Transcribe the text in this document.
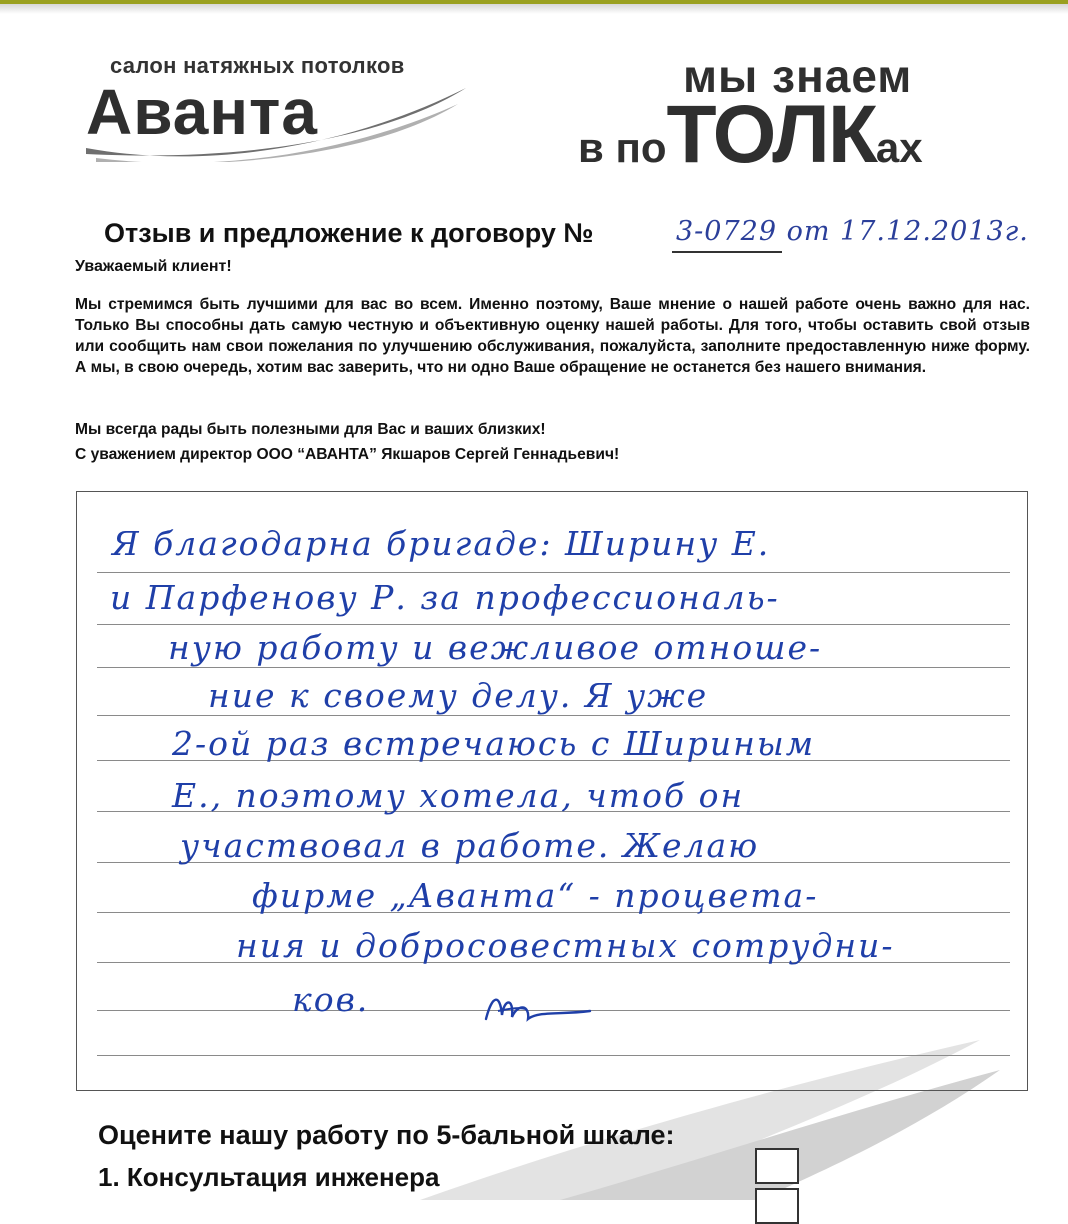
салон натяжных потолков
Аванта	мы знаем
в поТОЛКах
Отзыв и предложение к договору №	3-0729 от 17.12.2013г.
Уважаемый клиент!
Мы стремимся быть лучшими для вас во всем. Именно поэтому, Ваше мнение о нашей работе очень важно для нас. Только Вы способны дать самую честную и объективную оценку нашей работы. Для того, чтобы оставить свой отзыв или сообщить нам свои пожелания по улучшению обслуживания, пожалуйста, заполните предоставленную ниже форму. А мы, в свою очередь, хотим вас заверить, что ни одно Ваше обращение не останется без нашего внимания.
Мы всегда рады быть полезными для Вас и ваших близких!
С уважением директор ООО “АВАНТА” Якшаров Сергей Геннадьевич!
Я благодарна бригаде: Ширину Е.
и Парфенову Р. за профессиональ-
ную работу и вежливое отноше-
ние к своему делу. Я уже
2-ой раз встречаюсь с Шириным
Е., поэтому хотела, чтоб он
участвовал в работе. Желаю
фирме „Аванта“ - процвета-
ния и добросовестных сотрудни-
ков.
Оцените нашу работу по 5-бальной шкале:
1. Консультация инженера
